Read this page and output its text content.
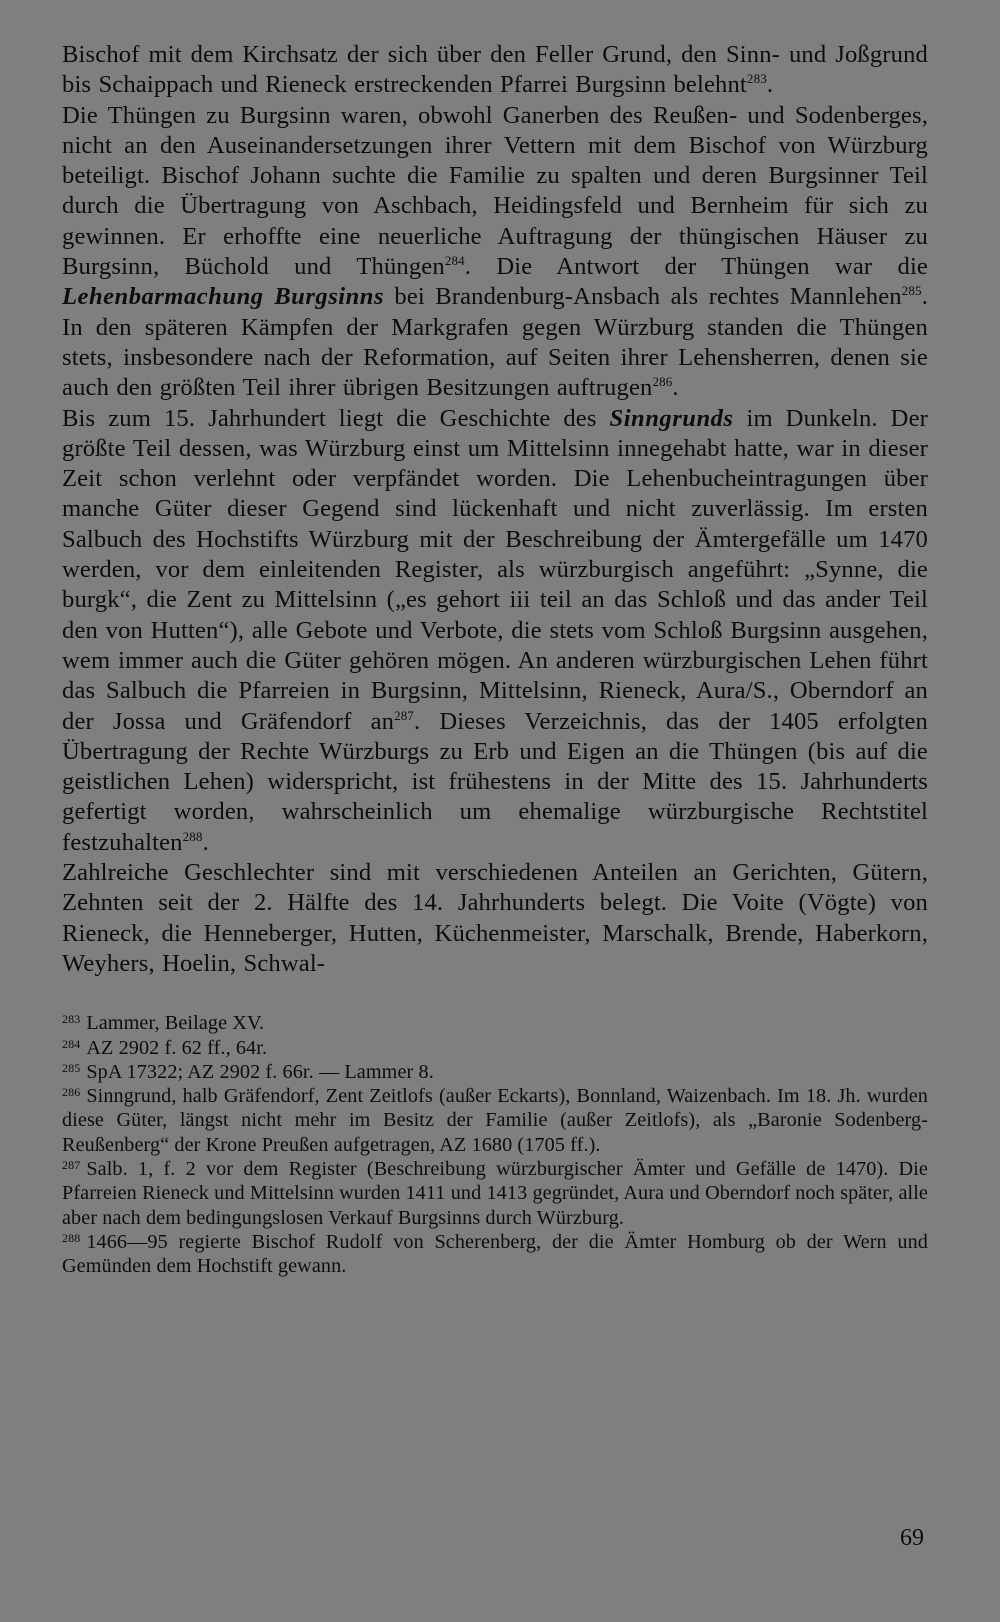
Bischof mit dem Kirchsatz der sich über den Feller Grund, den Sinn- und Joßgrund bis Schaippach und Rieneck erstreckenden Pfarrei Burgsinn belehnt$^{283}$.

Die Thüngen zu Burgsinn waren, obwohl Ganerben des Reußen- und Sodenberges, nicht an den Auseinandersetzungen ihrer Vettern mit dem Bischof von Würzburg beteiligt. Bischof Johann suchte die Familie zu spalten und deren Burgsinner Teil durch die Übertragung von Aschbach, Heidingsfeld und Bernheim für sich zu gewinnen. Er erhoffte eine neuerliche Auftragung der thüngischen Häuser zu Burgsinn, Büchold und Thüngen$^{284}$. Die Antwort der Thüngen war die Lehenbarmachung Burgsinns bei Brandenburg-Ansbach als rechtes Mannlehen$^{285}$. In den späteren Kämpfen der Markgrafen gegen Würzburg standen die Thüngen stets, insbesondere nach der Reformation, auf Seiten ihrer Lehensherren, denen sie auch den größten Teil ihrer übrigen Besitzungen auftrugen$^{286}$.

Bis zum 15. Jahrhundert liegt die Geschichte des Sinngrunds im Dunkeln. Der größte Teil dessen, was Würzburg einst um Mittelsinn innegehabt hatte, war in dieser Zeit schon verlehnt oder verpfändet worden. Die Lehenbucheintragungen über manche Güter dieser Gegend sind lückenhaft und nicht zuverlässig. Im ersten Salbuch des Hochstifts Würzburg mit der Beschreibung der Ämtergefälle um 1470 werden, vor dem einleitenden Register, als würzburgisch angeführt: „Synne, die burgk“, die Zent zu Mittelsinn („es gehort iii teil an das Schloß und das ander Teil den von Hutten“), alle Gebote und Verbote, die stets vom Schloß Burgsinn ausgehen, wem immer auch die Güter gehören mögen. An anderen würzburgischen Lehen führt das Salbuch die Pfarreien in Burgsinn, Mittelsinn, Rieneck, Aura/S., Oberndorf an der Jossa und Gräfendorf $an^{287}$. Dieses Verzeichnis, das der 1405 erfolgten Übertragung der Rechte Würzburgs zu Erb und Eigen an die Thüngen (bis auf die geistlichen Lehen) widerspricht, ist frühestens in der Mitte des 15. Jahrhunderts gefertigt worden, wahrscheinlich um ehemalige würzburgische Rechtstitel festzuhalten$^{288}$.

Zahlreiche Geschlechter sind mit verschiedenen Anteilen an Gerichten, Gütern, Zehnten seit der 2. Hälfte des 14. Jahrhunderts belegt. Die Voite (Vögte) von Rieneck, die Henneberger, Hutten, Küchenmeister, Marschalk, Brende, Haberkorn, Weyhers, Hoelin, Schwal-

$^{283}$ Lammer, Beilage XV.

$^{284}$ AZ 2902 f. 62 ff., 64r.

$^{285}$ SpA 17322; AZ 2902 f. 66r. — Lammer 8.

$^{286}$ Sinngrund, halb Gräfendorf, Zent Zeitlofs (außer Eckarts), Bonnland, Waizenbach. Im 18. Jh. wurden diese Güter, längst nicht mehr im Besitz der Familie (außer Zeitlofs), als „Baronie Sodenberg-Reußenberg“ der Krone Preußen aufgetragen, AZ 1680 (1705 ff.).

$^{287}$ Salb. 1, f. 2 vor dem Register (Beschreibung würzburgischer Ämter und Gefälle de 1470). Die Pfarreien Rieneck und Mittelsinn wurden 1411 und 1413 gegründet, Aura und Oberndorf noch später, alle aber nach dem bedingungslosen Verkauf Burgsinns durch Würzburg.

$^{288}$ 1466—95 regierte Bischof Rudolf von Scherenberg, der die Ämter Homburg ob der Wern und Gemünden dem Hochstift gewann.

69
